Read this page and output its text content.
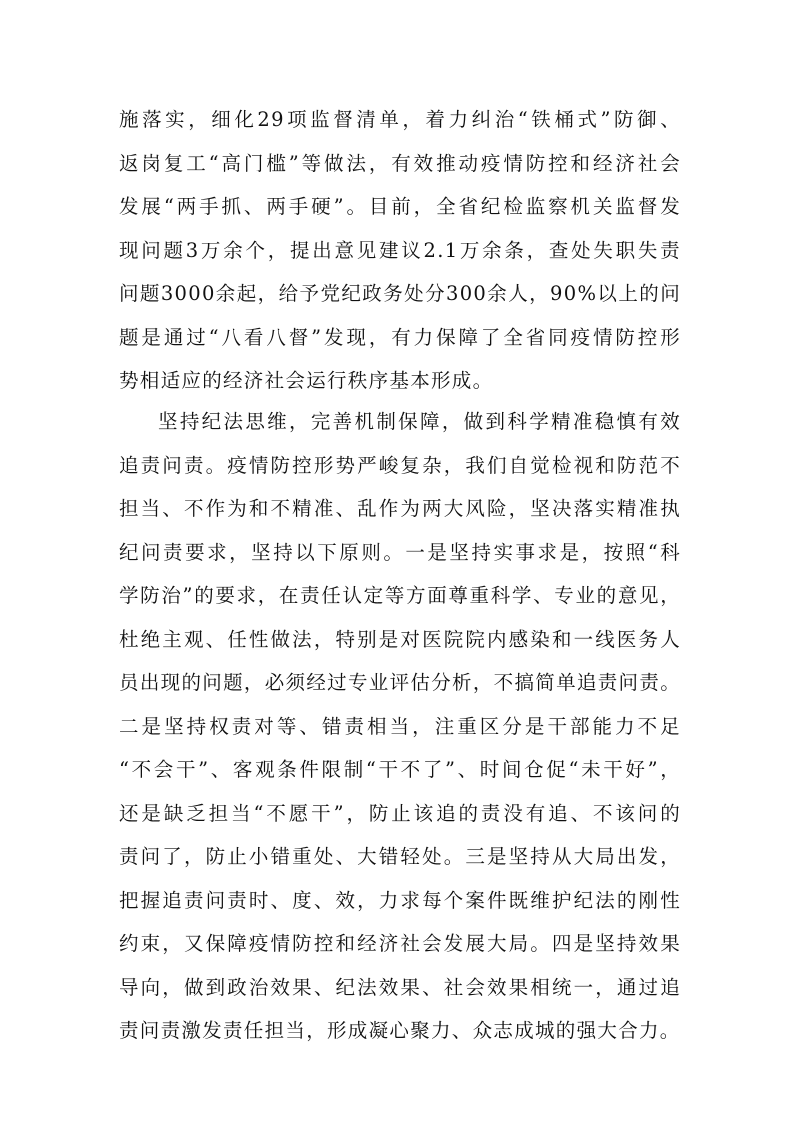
施落实，细化29项监督清单，着力纠治“铁桶式”防御、
返岗复工“高门槛”等做法，有效推动疫情防控和经济社会
发展“两手抓、两手硬”。目前，全省纪检监察机关监督发
现问题3万余个，提出意见建议2.1万余条，查处失职失责
问题3000余起，给予党纪政务处分300余人，90%以上的问
题是通过“八看八督”发现，有力保障了全省同疫情防控形
势相适应的经济社会运行秩序基本形成。
坚持纪法思维，完善机制保障，做到科学精准稳慎有效
追责问责。疫情防控形势严峻复杂，我们自觉检视和防范不
担当、不作为和不精准、乱作为两大风险，坚决落实精准执
纪问责要求，坚持以下原则。一是坚持实事求是，按照“科
学防治”的要求，在责任认定等方面尊重科学、专业的意见，
杜绝主观、任性做法，特别是对医院院内感染和一线医务人
员出现的问题，必须经过专业评估分析，不搞简单追责问责。
二是坚持权责对等、错责相当，注重区分是干部能力不足
“不会干”、客观条件限制“干不了”、时间仓促“未干好”，
还是缺乏担当“不愿干”，防止该追的责没有追、不该问的
责问了，防止小错重处、大错轻处。三是坚持从大局出发，
把握追责问责时、度、效，力求每个案件既维护纪法的刚性
约束，又保障疫情防控和经济社会发展大局。四是坚持效果
导向，做到政治效果、纪法效果、社会效果相统一，通过追
责问责激发责任担当，形成凝心聚力、众志成城的强大合力。
